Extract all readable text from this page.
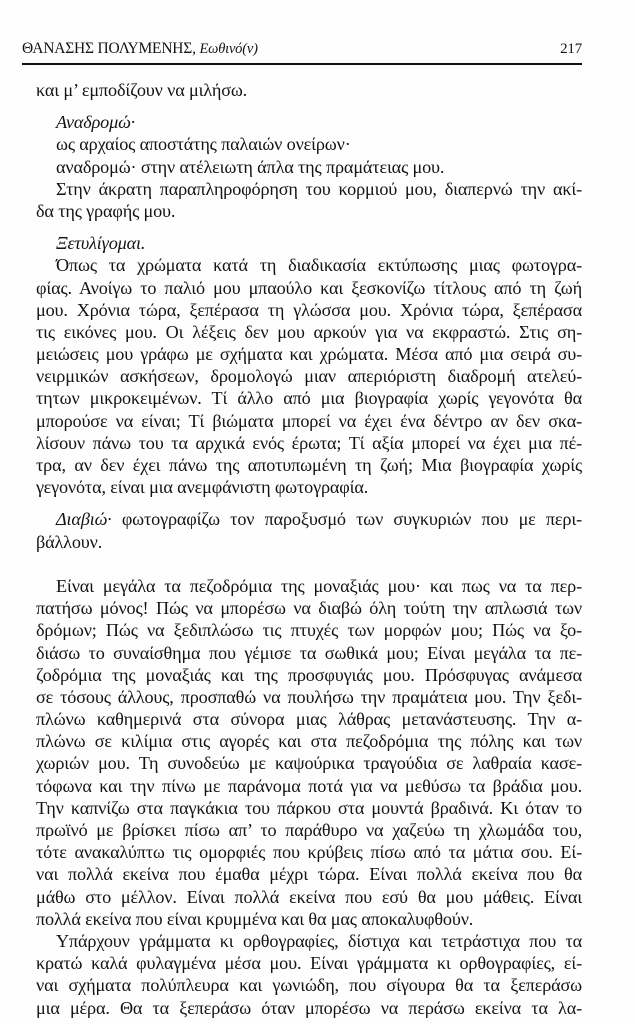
ΘΑΝΑΣΗΣ ΠΟΛΥΜΕΝΗΣ, Εωθινό(ν)	217
και μ’ εμποδίζουν να μιλήσω.
Αναδρομώ·
ως αρχαίος αποστάτης παλαιών ονείρων·
αναδρομώ· στην ατέλειωτη άπλα της πραμάτειας μου.
Στην άκρατη παραπληροφόρηση του κορμιού μου, διαπερνώ την ακί-
δα της γραφής μου.
Ξετυλίγομαι.
Όπως τα χρώματα κατά τη διαδικασία εκτύπωσης μιας φωτογρα-
φίας. Ανοίγω το παλιό μου μπαούλο και ξεσκονίζω τίτλους από τη ζωή
μου. Χρόνια τώρα, ξεπέρασα τη γλώσσα μου. Χρόνια τώρα, ξεπέρασα
τις εικόνες μου. Οι λέξεις δεν μου αρκούν για να εκφραστώ. Στις ση-
μειώσεις μου γράφω με σχήματα και χρώματα. Μέσα από μια σειρά συ-
νειρμικών ασκήσεων, δρομολογώ μιαν απεριόριστη διαδρομή ατελεύ-
τητων μικροκειμένων. Τί άλλο από μια βιογραφία χωρίς γεγονότα θα
μπορούσε να είναι; Τί βιώματα μπορεί να έχει ένα δέντρο αν δεν σκα-
λίσουν πάνω του τα αρχικά ενός έρωτα; Τί αξία μπορεί να έχει μια πέ-
τρα, αν δεν έχει πάνω της αποτυπωμένη τη ζωή; Μια βιογραφία χωρίς
γεγονότα, είναι μια ανεμφάνιστη φωτογραφία.
Διαβιώ· φωτογραφίζω τον παροξυσμό των συγκυριών που με περι-
βάλλουν.
Είναι μεγάλα τα πεζοδρόμια της μοναξιάς μου· και πως να τα περ-
πατήσω μόνος! Πώς να μπορέσω να διαβώ όλη τούτη την απλωσιά των
δρόμων; Πώς να ξεδιπλώσω τις πτυχές των μορφών μου; Πώς να ξο-
διάσω το συναίσθημα που γέμισε τα σωθικά μου; Είναι μεγάλα τα πε-
ζοδρόμια της μοναξιάς και της προσφυγιάς μου. Πρόσφυγας ανάμεσα
σε τόσους άλλους, προσπαθώ να πουλήσω την πραμάτεια μου. Την ξεδι-
πλώνω καθημερινά στα σύνορα μιας λάθρας μετανάστευσης. Την α-
πλώνω σε κιλίμια στις αγορές και στα πεζοδρόμια της πόλης και των
χωριών μου. Τη συνοδεύω με καψούρικα τραγούδια σε λαθραία κασε-
τόφωνα και την πίνω με παράνομα ποτά για να μεθύσω τα βράδια μου.
Την καπνίζω στα παγκάκια του πάρκου στα μουντά βραδινά. Κι όταν το
πρωϊνό με βρίσκει πίσω απ’ το παράθυρο να χαζεύω τη χλωμάδα του,
τότε ανακαλύπτω τις ομορφιές που κρύβεις πίσω από τα μάτια σου. Εί-
ναι πολλά εκείνα που έμαθα μέχρι τώρα. Είναι πολλά εκείνα που θα
μάθω στο μέλλον. Είναι πολλά εκείνα που εσύ θα μου μάθεις. Είναι
πολλά εκείνα που είναι κρυμμένα και θα μας αποκαλυφθούν.
Υπάρχουν γράμματα κι ορθογραφίες, δίστιχα και τετράστιχα που τα
κρατώ καλά φυλαγμένα μέσα μου. Είναι γράμματα κι ορθογραφίες, εί-
ναι σχήματα πολύπλευρα και γωνιώδη, που σίγουρα θα τα ξεπεράσω
μια μέρα. Θα τα ξεπεράσω όταν μπορέσω να περάσω εκείνα τα λα-
